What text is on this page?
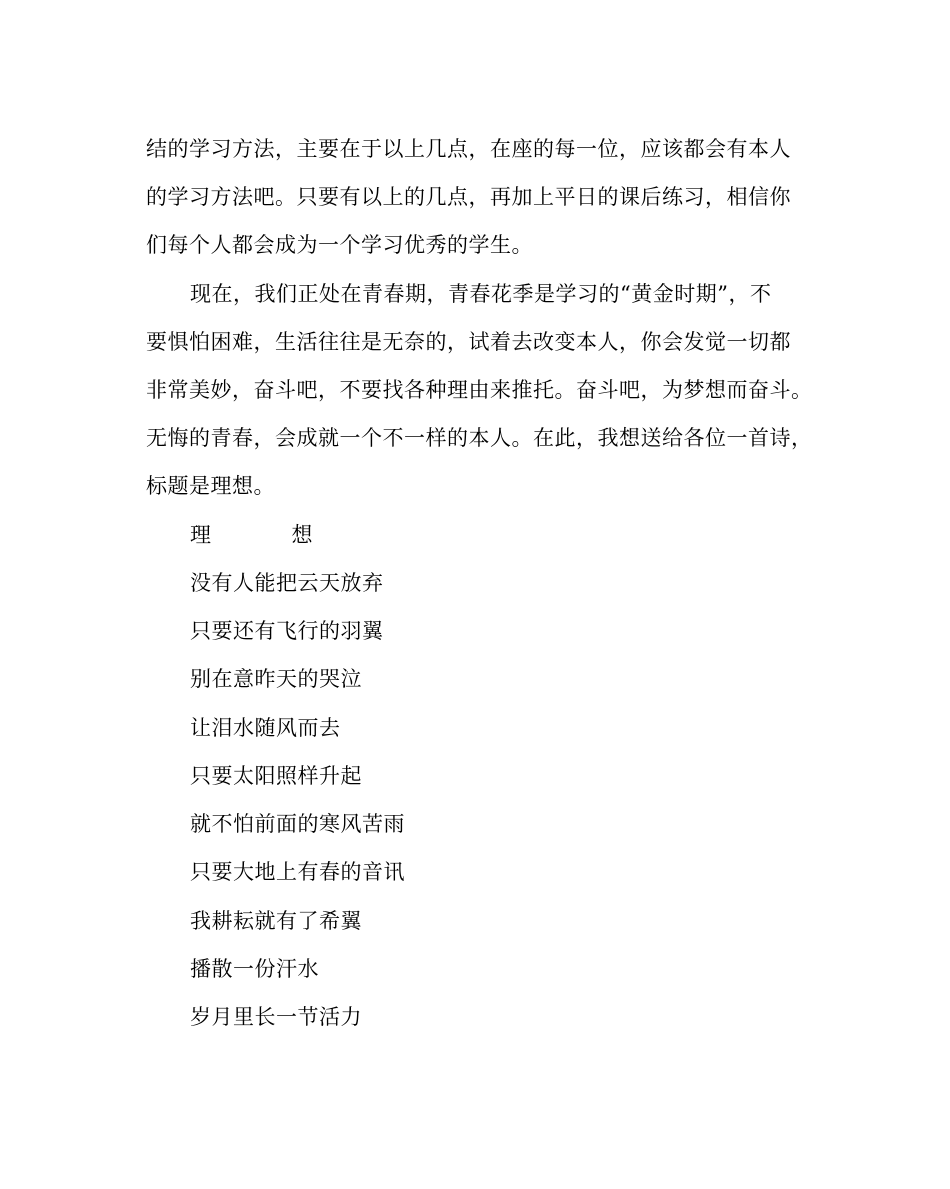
结的学习方法，主要在于以上几点，在座的每一位，应该都会有本人
的学习方法吧。只要有以上的几点，再加上平日的课后练习，相信你
们每个人都会成为一个学习优秀的学生。
现在，我们正处在青春期，青春花季是学习的“黄金时期”，不
要惧怕困难，生活往往是无奈的，试着去改变本人，你会发觉一切都
非常美妙，奋斗吧，不要找各种理由来推托。奋斗吧，为梦想而奋斗。
无悔的青春，会成就一个不一样的本人。在此，我想送给各位一首诗，
标题是理想。
理	想
没有人能把云天放弃
只要还有飞行的羽翼
别在意昨天的哭泣
让泪水随风而去
只要太阳照样升起
就不怕前面的寒风苦雨
只要大地上有春的音讯
我耕耘就有了希翼
播散一份汗水
岁月里长一节活力
